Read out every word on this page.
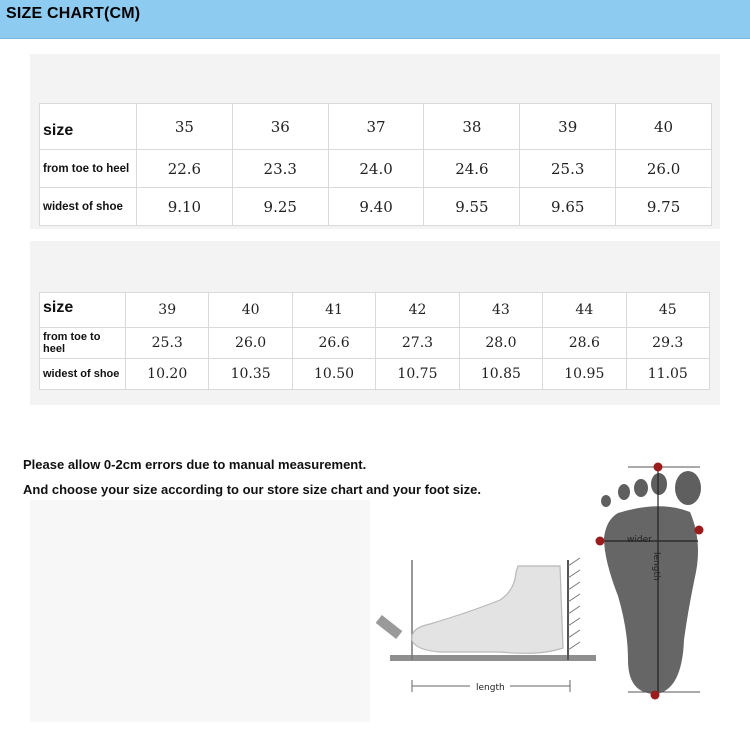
SIZE CHART(CM)
size	35	36	37	38	39	40
from toe to heel	22.6	23.3	24.0	24.6	25.3	26.0
widest of shoe	9.10	9.25	9.40	9.55	9.65	9.75
size	39	40	41	42	43	44	45
from toe to heel	25.3	26.0	26.6	27.3	28.0	28.6	29.3
widest of shoe	10.20	10.35	10.50	10.75	10.85	10.95	11.05
Please allow 0-2cm errors due to manual measurement.
And choose your size according to our store size chart and your foot size.
length
wider
length
